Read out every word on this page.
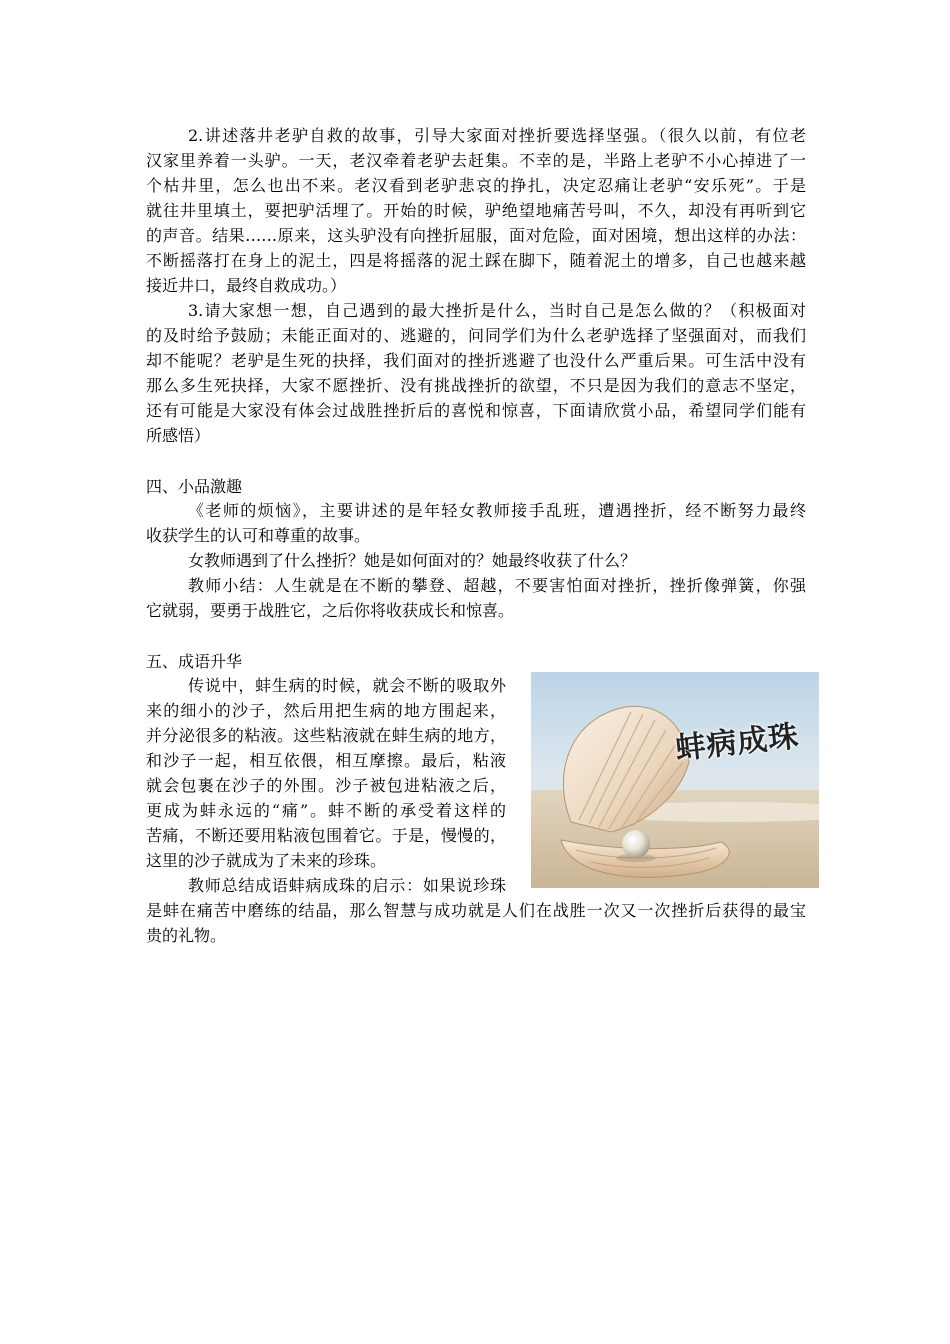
2.讲述落井老驴自救的故事，引导大家面对挫折要选择坚强。（很久以前，有位老
汉家里养着一头驴。一天，老汉牵着老驴去赶集。不幸的是，半路上老驴不小心掉进了一
个枯井里，怎么也出不来。老汉看到老驴悲哀的挣扎，决定忍痛让老驴“安乐死”。于是
就往井里填土，要把驴活埋了。开始的时候，驴绝望地痛苦号叫，不久，却没有再听到它
的声音。结果……原来，这头驴没有向挫折屈服，面对危险，面对困境，想出这样的办法：
不断摇落打在身上的泥土，四是将摇落的泥土踩在脚下，随着泥土的增多，自己也越来越
接近井口，最终自救成功。）
3.请大家想一想，自己遇到的最大挫折是什么，当时自己是怎么做的？（积极面对
的及时给予鼓励；未能正面对的、逃避的，问同学们为什么老驴选择了坚强面对，而我们
却不能呢？老驴是生死的抉择，我们面对的挫折逃避了也没什么严重后果。可生活中没有
那么多生死抉择，大家不愿挫折、没有挑战挫折的欲望，不只是因为我们的意志不坚定，
还有可能是大家没有体会过战胜挫折后的喜悦和惊喜，下面请欣赏小品，希望同学们能有
所感悟）
四、小品激趣
《老师的烦恼》，主要讲述的是年轻女教师接手乱班，遭遇挫折，经不断努力最终
收获学生的认可和尊重的故事。
女教师遇到了什么挫折？她是如何面对的？她最终收获了什么？
教师小结：人生就是在不断的攀登、超越，不要害怕面对挫折，挫折像弹簧，你强
它就弱，要勇于战胜它，之后你将收获成长和惊喜。
五、成语升华
传说中，蚌生病的时候，就会不断的吸取外
来的细小的沙子，然后用把生病的地方围起来，
并分泌很多的粘液。这些粘液就在蚌生病的地方，
和沙子一起，相互依偎，相互摩擦。最后，粘液
就会包裹在沙子的外围。沙子被包进粘液之后，
更成为蚌永远的“痛”。蚌不断的承受着这样的
苦痛，不断还要用粘液包围着它。于是，慢慢的，
这里的沙子就成为了未来的珍珠。
教师总结成语蚌病成珠的启示：如果说珍珠
是蚌在痛苦中磨练的结晶，那么智慧与成功就是人们在战胜一次又一次挫折后获得的最宝
贵的礼物。
蚌病成珠
